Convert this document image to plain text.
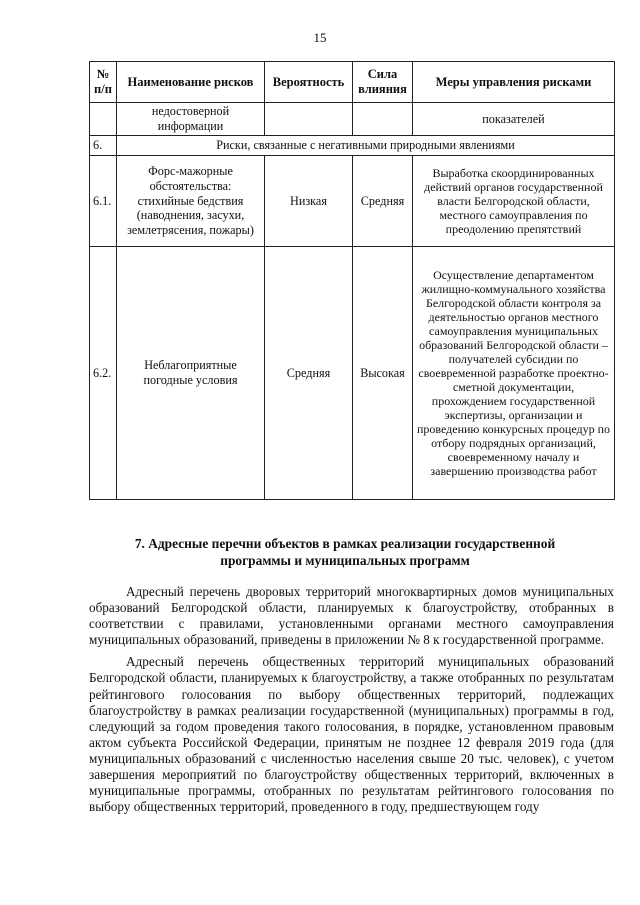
15
№ п/п	Наименование рисков	Вероятность	Сила влияния	Меры управления рисками
	недостоверной информации			показателей
6.	Риски, связанные с негативными природными явлениями			
6.1.	Форс-мажорные обстоятельства: стихийные бедствия (наводнения, засухи, землетрясения, пожары)	Низкая	Средняя	Выработка скоординированных действий органов государственной власти Белгородской области, местного самоуправления по преодолению препятствий
6.2.	Неблагоприятные погодные условия	Средняя	Высокая	Осуществление департаментом жилищно-коммунального хозяйства Белгородской области контроля за деятельностью органов местного самоуправления муниципальных образований Белгородской области – получателей субсидии по своевременной разработке проектно-сметной документации, прохождением государственной экспертизы, организации и проведению конкурсных процедур по отбору подрядных организаций, своевременному началу и завершению производства работ
7. Адресные перечни объектов в рамках реализации государственной программы и муниципальных программ

Адресный перечень дворовых территорий многоквартирных домов муниципальных образований Белгородской области, планируемых к благоустройству, отобранных в соответствии с правилами, установленными органами местного самоуправления муниципальных образований, приведены в приложении № 8 к государственной программе.

Адресный перечень общественных территорий муниципальных образований Белгородской области, планируемых к благоустройству, а также отобранных по результатам рейтингового голосования по выбору общественных территорий, подлежащих благоустройству в рамках реализации государственной (муниципальных) программы в год, следующий за годом проведения такого голосования, в порядке, установленном правовым актом субъекта Российской Федерации, принятым не позднее 12 февраля 2019 года (для муниципальных образований с численностью населения свыше 20 тыс. человек), с учетом завершения мероприятий по благоустройству общественных территорий, включенных в муниципальные программы, отобранных по результатам рейтингового голосования по выбору общественных территорий, проведенного в году, предшествующем году
